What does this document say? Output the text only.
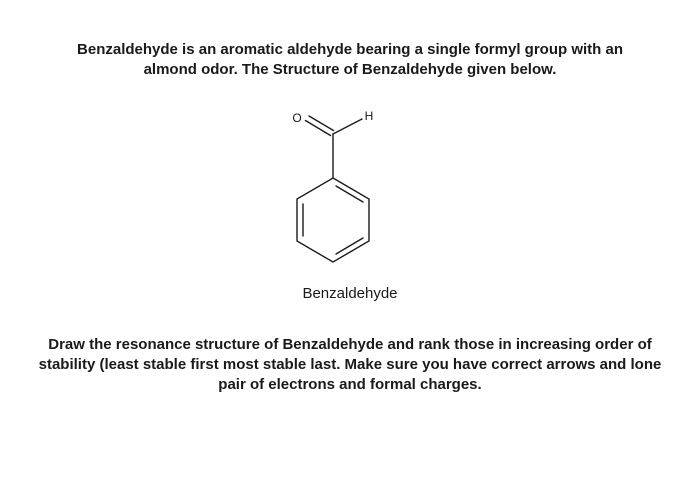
Benzaldehyde is an aromatic aldehyde bearing a single formyl group with an

almond odor. The Structure of Benzaldehyde given below.

O	H
Benzaldehyde

Draw the resonance structure of Benzaldehyde and rank those in increasing order of

stability (least stable first most stable last. Make sure you have correct arrows and lone

pair of electrons and formal charges.
